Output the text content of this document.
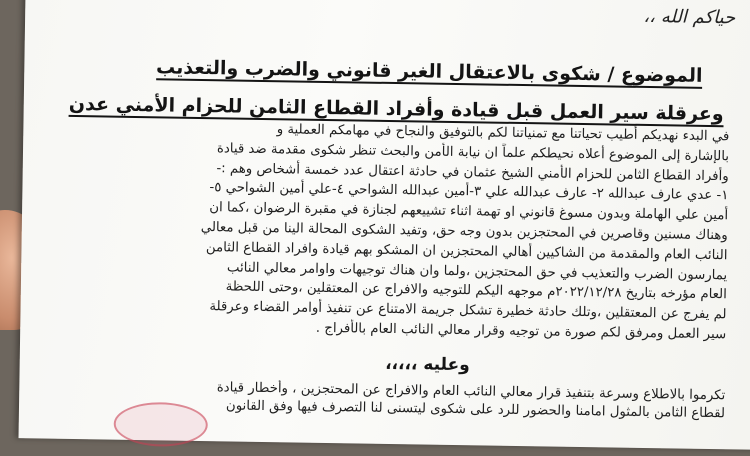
حياكم الله ،،
الموضوع / شكوى بالاعتقال الغير قانوني والضرب والتعذيب
وعرقلة سير العمل قبل قيادة وأفراد القطاع الثامن للحزام الأمني عدن

في البدء نهديكم أطيب تحياتنا مع تمنياتنا لكم بالتوفيق والنجاح في مهامكم العملية و

بالإشارة إلى الموضوع أعلاه نحيطكم علماً ان نيابة الأمن والبحث تنظر شكوى مقدمة ضد قيادة

وأفراد القطاع الثامن للحزام الأمني الشيخ عثمان في حادثة اعتقال عدد خمسة أشخاص وهم :-

١- عدي عارف عبدالله ٢- عارف عبدالله علي ٣-أمين عبدالله الشواحي ٤-علي أمين الشواحي ٥-

أمين علي الهاملة وبدون مسوغ قانوني او تهمة اثناء تشييعهم لجنازة في مقبرة الرضوان ،كما ان

وهناك مسنين وقاصرين في المحتجزين بدون وجه حق، وتفيد الشكوى المحالة الينا من قبل معالي

النائب العام والمقدمة من الشاكيين أهالي المحتجزين ان المشكو بهم قيادة وافراد القطاع الثامن

يمارسون الضرب والتعذيب في حق المحتجزين ،ولما وان هناك توجيهات واوامر معالي النائب

العام مؤرخه بتاريخ ٢٠٢٢/١٢/٢٨م موجهه اليكم للتوجيه والافراج عن المعتقلين ،وحتى اللحظة

لم يفرج عن المعتقلين ،وتلك حادثة خطيرة تشكل جريمة الامتناع عن تنفيذ أوامر القضاء وعرقلة

سير العمل ومرفق لكم صورة من توجيه وقرار معالي النائب العام بالأفراج .

وعليه ،،،،،

تكرموا بالاطلاع وسرعة بتنفيذ قرار معالي النائب العام والافراج عن المحتجزين ، وأخطار قيادة

لقطاع الثامن بالمثول امامنا والحضور للرد على شكوى ليتسنى لنا التصرف فيها وفق القانون
